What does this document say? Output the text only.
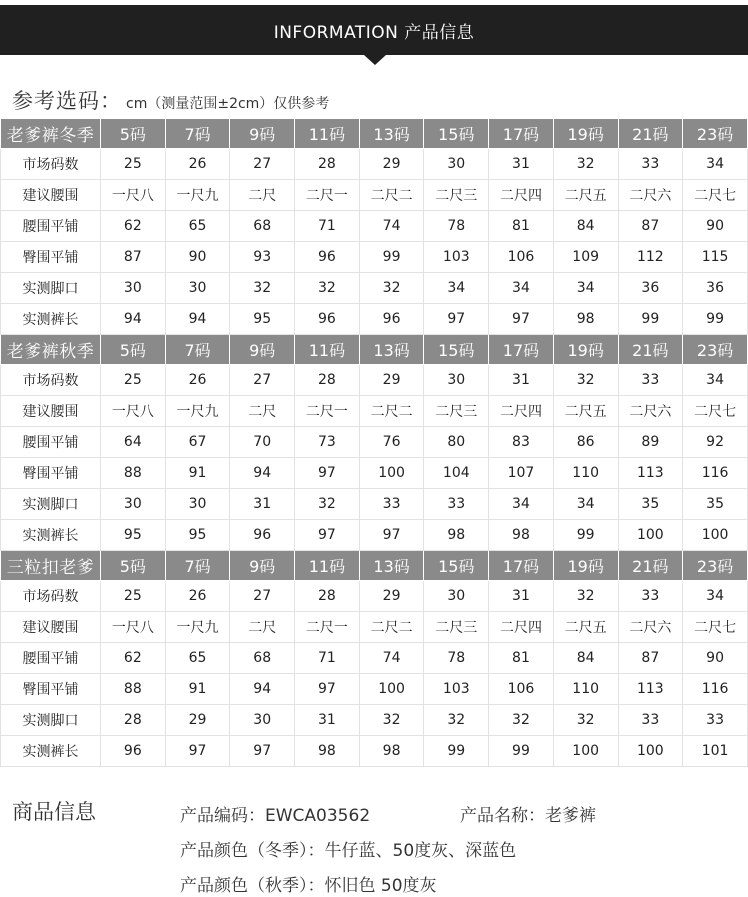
INFORMATION 产品信息
参考选码： cm（测量范围±2cm）仅供参考
老爹裤冬季	5码	7码	9码	11码	13码	15码	17码	19码	21码	23码
市场码数	25	26	27	28	29	30	31	32	33	34
建议腰围	一尺八	一尺九	二尺	二尺一	二尺二	二尺三	二尺四	二尺五	二尺六	二尺七
腰围平铺	62	65	68	71	74	78	81	84	87	90
臀围平铺	87	90	93	96	99	103	106	109	112	115
实测脚口	30	30	32	32	32	34	34	34	36	36
实测裤长	94	94	95	96	96	97	97	98	99	99
老爹裤秋季	5码	7码	9码	11码	13码	15码	17码	19码	21码	23码
市场码数	25	26	27	28	29	30	31	32	33	34
建议腰围	一尺八	一尺九	二尺	二尺一	二尺二	二尺三	二尺四	二尺五	二尺六	二尺七
腰围平铺	64	67	70	73	76	80	83	86	89	92
臀围平铺	88	91	94	97	100	104	107	110	113	116
实测脚口	30	30	31	32	33	33	34	34	35	35
实测裤长	95	95	96	97	97	98	98	99	100	100
三粒扣老爹	5码	7码	9码	11码	13码	15码	17码	19码	21码	23码
市场码数	25	26	27	28	29	30	31	32	33	34
建议腰围	一尺八	一尺九	二尺	二尺一	二尺二	二尺三	二尺四	二尺五	二尺六	二尺七
腰围平铺	62	65	68	71	74	78	81	84	87	90
臀围平铺	88	91	94	97	100	103	106	110	113	116
实测脚口	28	29	30	31	32	32	32	32	33	33
实测裤长	96	97	97	98	98	99	99	100	100	101
商品信息	产品编码：EWCA03562	产品名称：老爹裤
产品颜色（冬季）：牛仔蓝、50度灰、深蓝色
产品颜色（秋季）：怀旧色 50度灰
